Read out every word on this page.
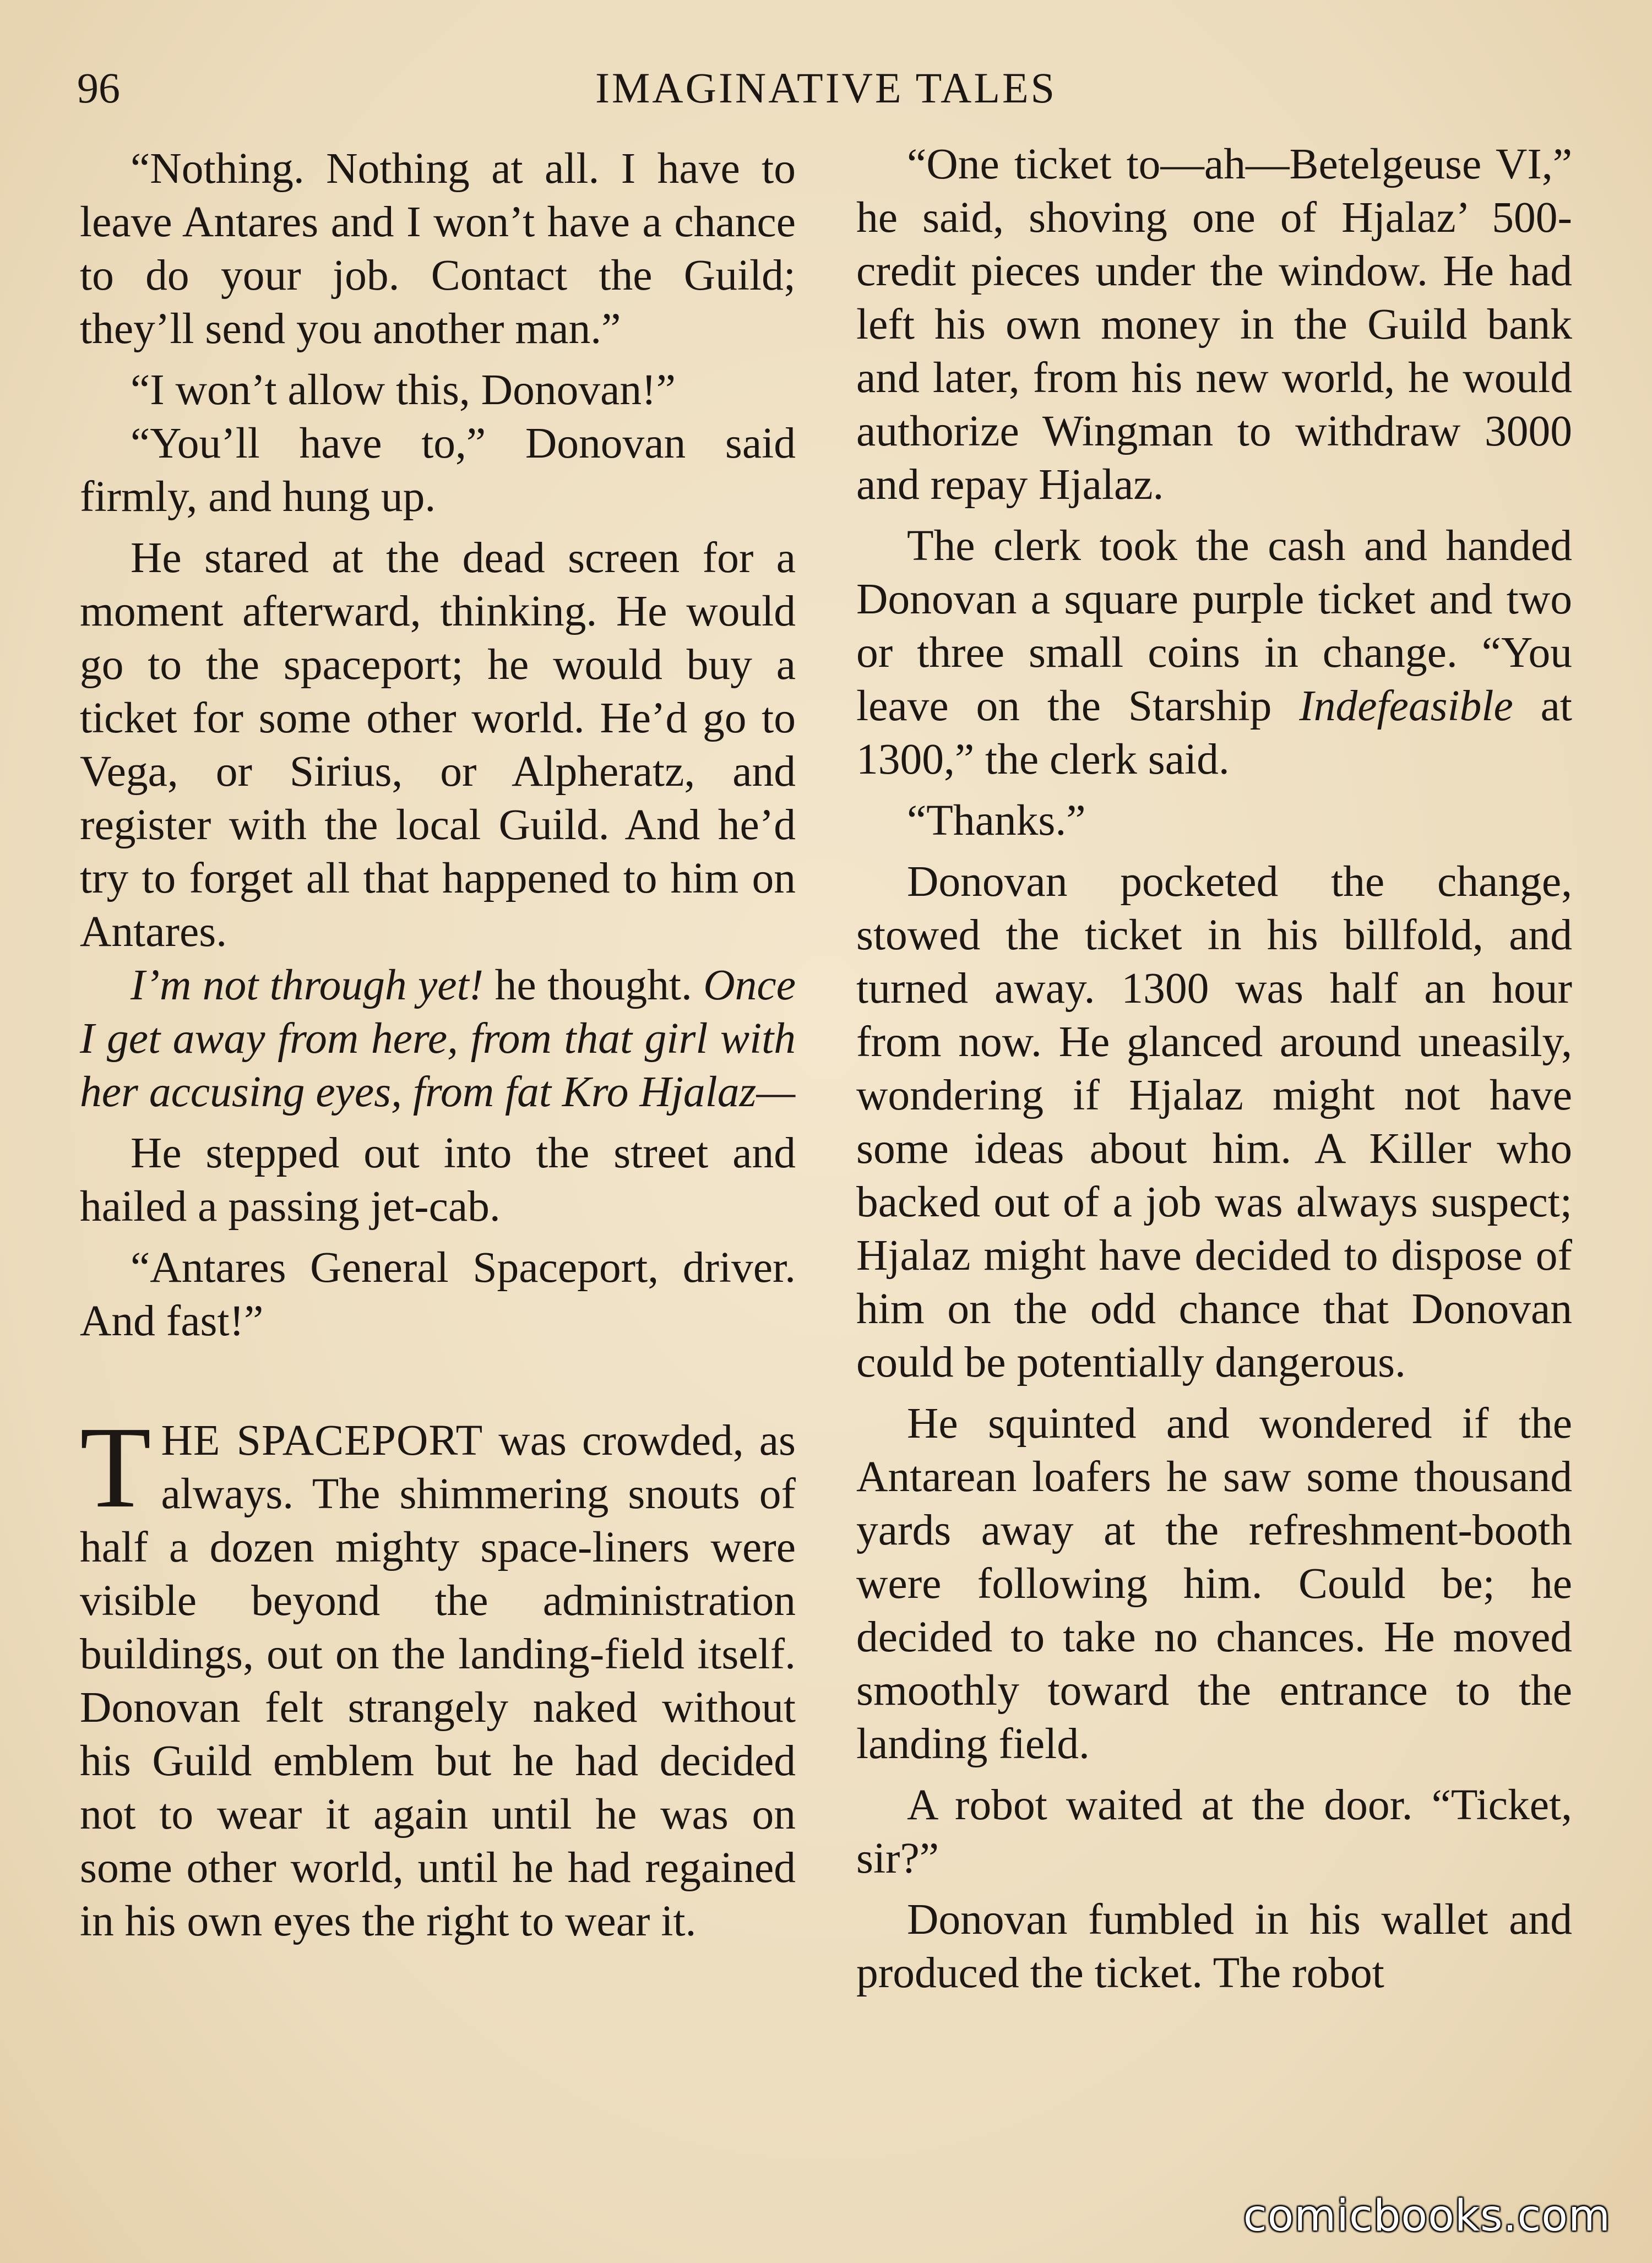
96	IMAGINATIVE TALES

“Nothing. Nothing at all. I have to leave Antares and I won’t have a chance to do your job. Contact the Guild; they’ll send you another man.”

“I won’t allow this, Donovan!”

“You’ll have to,” Donovan said firmly, and hung up.

He stared at the dead screen for a moment afterward, thinking. He would go to the spaceport; he would buy a ticket for some other world. He’d go to Vega, or Sirius, or Alpheratz, and register with the local Guild. And he’d try to forget all that happened to him on Antares.

I’m not through yet! he thought. Once I get away from here, from that girl with her accusing eyes, from fat Kro Hjalaz—

He stepped out into the street and hailed a passing jet-cab.

“Antares General Spaceport, driver. And fast!”

THE SPACEPORT was crowded, as always. The shimmering snouts of half a dozen mighty space-liners were visible beyond the administration buildings, out on the landing-field itself. Donovan felt strangely naked without his Guild emblem but he had decided not to wear it again until he was on some other world, until he had regained in his own eyes the right to wear it.

“One ticket to—ah—Betelgeuse VI,” he said, shoving one of Hjalaz’ 500-credit pieces under the window. He had left his own money in the Guild bank and later, from his new world, he would authorize Wingman to withdraw 3000 and repay Hjalaz.

The clerk took the cash and handed Donovan a square purple ticket and two or three small coins in change. “You leave on the Starship Indefeasible at 1300,” the clerk said.

“Thanks.”

Donovan pocketed the change, stowed the ticket in his billfold, and turned away. 1300 was half an hour from now. He glanced around uneasily, wondering if Hjalaz might not have some ideas about him. A Killer who backed out of a job was always suspect; Hjalaz might have decided to dispose of him on the odd chance that Donovan could be potentially dangerous.

He squinted and wondered if the Antarean loafers he saw some thousand yards away at the refreshment-booth were following him. Could be; he decided to take no chances. He moved smoothly toward the entrance to the landing field.

A robot waited at the door. “Ticket, sir?”

Donovan fumbled in his wallet and produced the ticket. The robot

comicbooks.com
